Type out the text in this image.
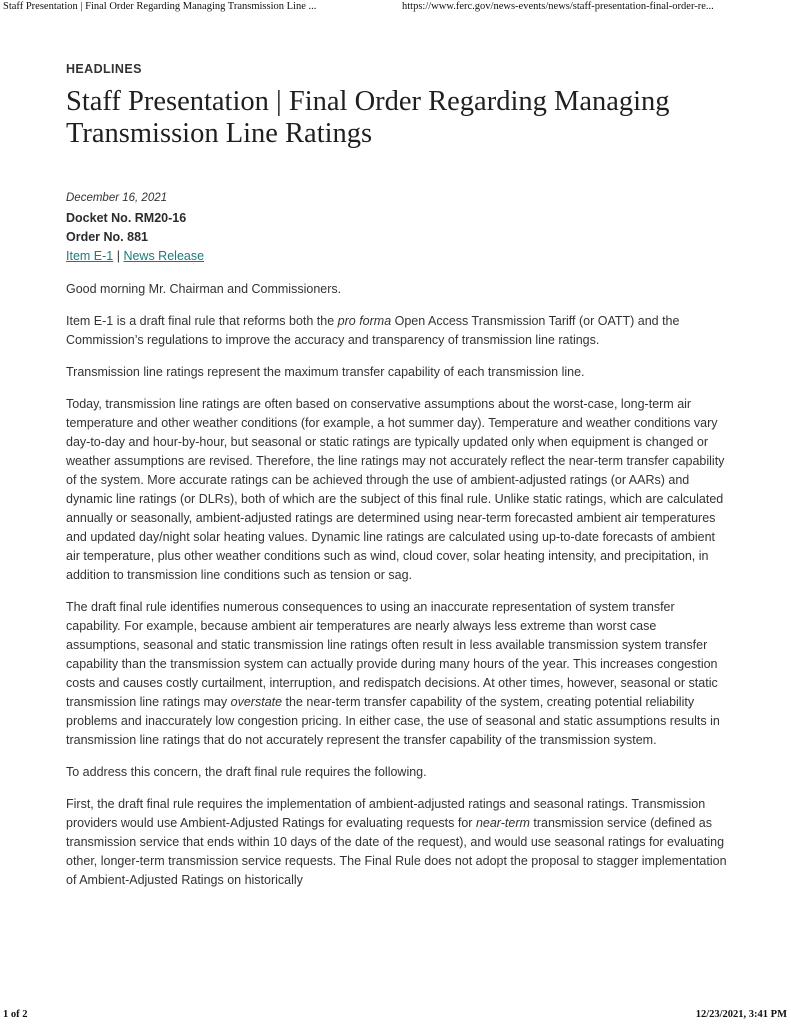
Staff Presentation | Final Order Regarding Managing Transmission Line ...	https://www.ferc.gov/news-events/news/staff-presentation-final-order-re...
HEADLINES
Staff Presentation | Final Order Regarding Managing Transmission Line Ratings
December 16, 2021
Docket No. RM20-16
Order No. 881
Item E-1 | News Release

Good morning Mr. Chairman and Commissioners.

Item E-1 is a draft final rule that reforms both the pro forma Open Access Transmission Tariff (or OATT) and the Commission’s regulations to improve the accuracy and transparency of transmission line ratings.

Transmission line ratings represent the maximum transfer capability of each transmission line.

Today, transmission line ratings are often based on conservative assumptions about the worst-case, long-term air temperature and other weather conditions (for example, a hot summer day). Temperature and weather conditions vary day-to-day and hour-by-hour, but seasonal or static ratings are typically updated only when equipment is changed or weather assumptions are revised. Therefore, the line ratings may not accurately reflect the near-term transfer capability of the system. More accurate ratings can be achieved through the use of ambient-adjusted ratings (or AARs) and dynamic line ratings (or DLRs), both of which are the subject of this final rule. Unlike static ratings, which are calculated annually or seasonally, ambient-adjusted ratings are determined using near-term forecasted ambient air temperatures and updated day/night solar heating values. Dynamic line ratings are calculated using up-to-date forecasts of ambient air temperature, plus other weather conditions such as wind, cloud cover, solar heating intensity, and precipitation, in addition to transmission line conditions such as tension or sag.

The draft final rule identifies numerous consequences to using an inaccurate representation of system transfer capability. For example, because ambient air temperatures are nearly always less extreme than worst case assumptions, seasonal and static transmission line ratings often result in less available transmission system transfer capability than the transmission system can actually provide during many hours of the year. This increases congestion costs and causes costly curtailment, interruption, and redispatch decisions. At other times, however, seasonal or static transmission line ratings may overstate the near-term transfer capability of the system, creating potential reliability problems and inaccurately low congestion pricing. In either case, the use of seasonal and static assumptions results in transmission line ratings that do not accurately represent the transfer capability of the transmission system.

To address this concern, the draft final rule requires the following.

First, the draft final rule requires the implementation of ambient-adjusted ratings and seasonal ratings. Transmission providers would use Ambient-Adjusted Ratings for evaluating requests for near-term transmission service (defined as transmission service that ends within 10 days of the date of the request), and would use seasonal ratings for evaluating other, longer-term transmission service requests. The Final Rule does not adopt the proposal to stagger implementation of Ambient-Adjusted Ratings on historically

1 of 2	12/23/2021, 3:41 PM
